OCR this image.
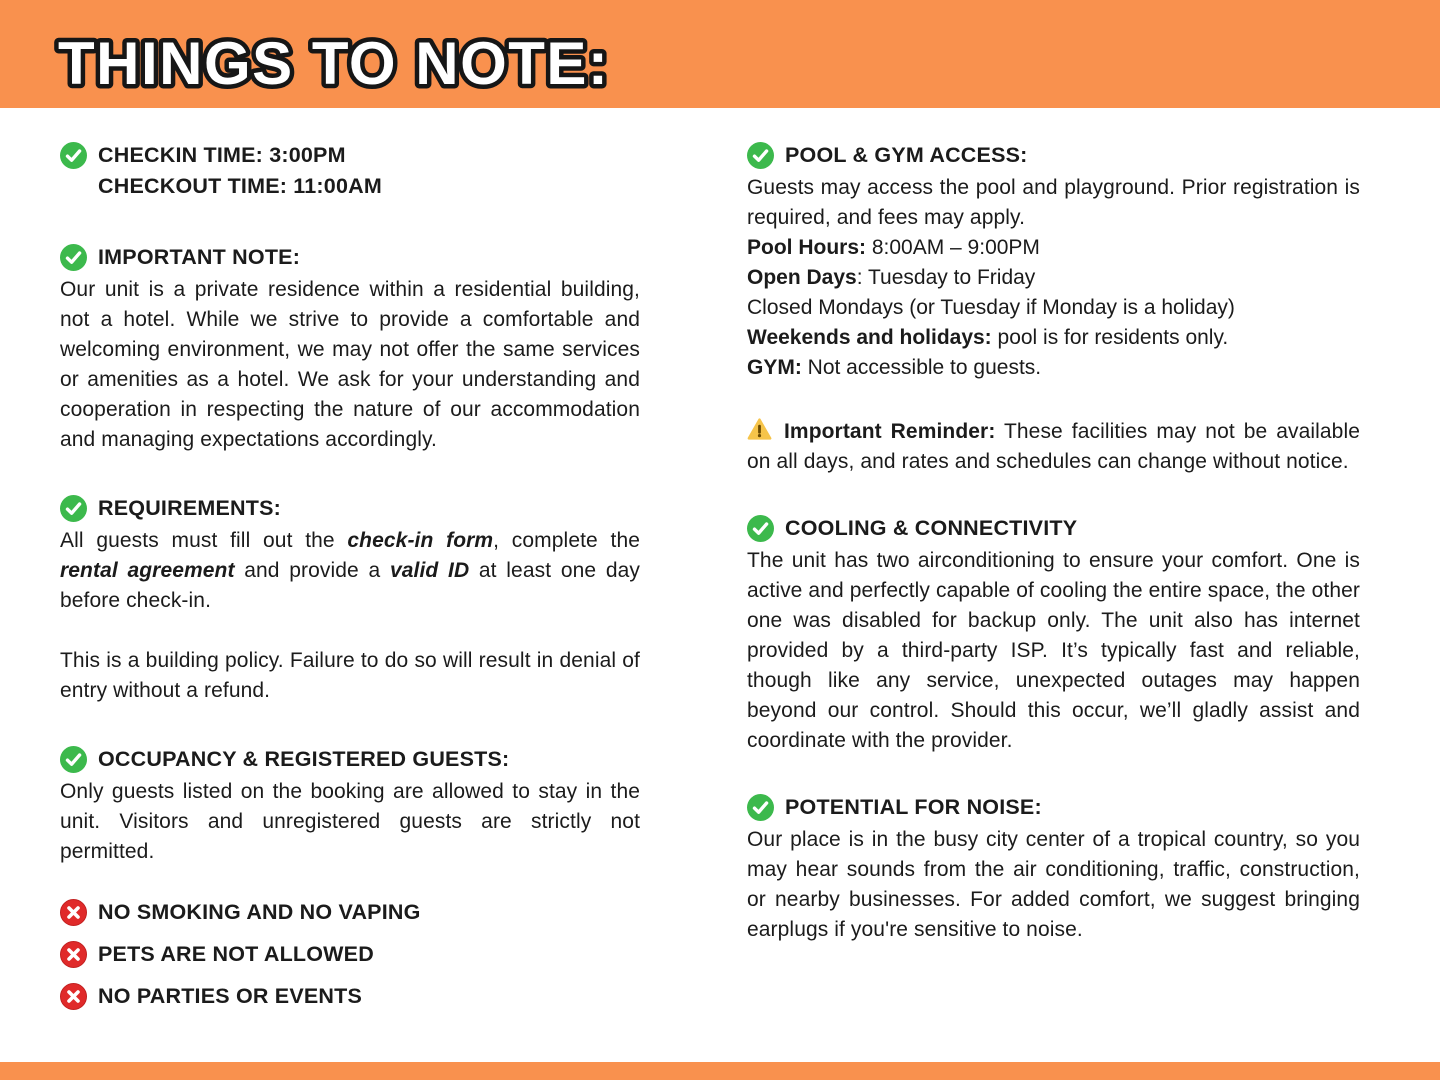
THINGS TO NOTE:
CHECKIN TIME: 3:00PM
CHECKOUT TIME: 11:00AM
IMPORTANT NOTE:

Our unit is a private residence within a residential building, not a hotel. While we strive to provide a comfortable and welcoming environment, we may not offer the same services or amenities as a hotel. We ask for your understanding and cooperation in respecting the nature of our accommodation and managing expectations accordingly.

REQUIREMENTS:

All guests must fill out the check-in form, complete the rental agreement and provide a valid ID at least one day before check-in.

This is a building policy. Failure to do so will result in denial of entry without a refund.

OCCUPANCY & REGISTERED GUESTS:

Only guests listed on the booking are allowed to stay in the unit. Visitors and unregistered guests are strictly not permitted.

NO SMOKING AND NO VAPING
PETS ARE NOT ALLOWED
NO PARTIES OR EVENTS
POOL & GYM ACCESS:

Guests may access the pool and playground. Prior registration is required, and fees may apply.

Pool Hours: 8:00AM – 9:00PM

Open Days: Tuesday to Friday

Closed Mondays (or Tuesday if Monday is a holiday)

Weekends and holidays: pool is for residents only.

GYM: Not accessible to guests.

Important Reminder: These facilities may not be available on all days, and rates and schedules can change without notice.

COOLING & CONNECTIVITY

The unit has two airconditioning to ensure your comfort. One is active and perfectly capable of cooling the entire space, the other one was disabled for backup only. The unit also has internet provided by a third-party ISP. It’s typically fast and reliable, though like any service, unexpected outages may happen beyond our control. Should this occur, we’ll gladly assist and coordinate with the provider.

POTENTIAL FOR NOISE:

Our place is in the busy city center of a tropical country, so you may hear sounds from the air conditioning, traffic, construction, or nearby businesses. For added comfort, we suggest bringing earplugs if you're sensitive to noise.
